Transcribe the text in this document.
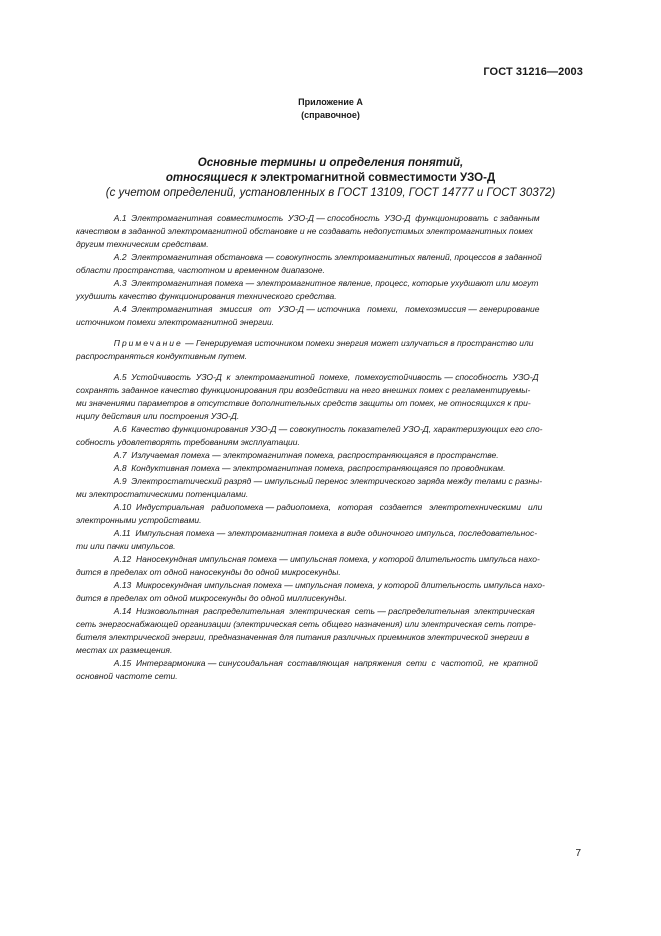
ГОСТ 31216—2003
Приложение А
(справочное)
Основные термины и определения понятий,
относящиеся к электромагнитной совместимости УЗО-Д
(с учетом определений, установленных в ГОСТ 13109, ГОСТ 14777 и ГОСТ 30372)
А.1  Электромагнитная  совместимость  УЗО-Д — способность  УЗО-Д  функционировать  с заданным
качеством в заданной электромагнитной обстановке и не создавать недопустимых электромагнитных помех
другим техническим средствам.
А.2  Электромагнитная обстановка — совокупность электромагнитных явлений, процессов в заданной
области пространства, частотном и временном диапазоне.
А.3  Электромагнитная помеха — электромагнитное явление, процесс, которые ухудшают или могут
ухудшить качество функционирования технического средства.
А.4  Электромагнитная   эмиссия   от   УЗО-Д — источника   помехи,   помехоэмиссия — генерирование
источником помехи электромагнитной энергии.
Примечание — Генерируемая источником помехи энергия может излучаться в пространство или
распространяться кондуктивным путем.
А.5  Устойчивость  УЗО-Д  к  электромагнитной  помехе,  помехоустойчивость — способность  УЗО-Д
сохранять заданное качество функционирования при воздействии на него внешних помех с регламентируемы-
ми значениями параметров в отсутствие дополнительных средств защиты от помех, не относящихся к при-
нципу действия или построения УЗО-Д.
А.6  Качество функционирования УЗО-Д — совокупность показателей УЗО-Д, характеризующих его спо-
собность удовлетворять требованиям эксплуатации.
А.7  Излучаемая помеха — электромагнитная помеха, распространяющаяся в пространстве.
А.8  Кондуктивная помеха — электромагнитная помеха, распространяющаяся по проводникам.
А.9  Электростатический разряд — импульсный перенос электрического заряда между телами с разны-
ми электростатическими потенциалами.
А.10  Индустриальная   радиопомеха — радиопомеха,   которая   создается   электротехническими   или
электронными устройствами.
А.11  Импульсная помеха — электромагнитная помеха в виде одиночного импульса, последовательнос-
ти или пачки импульсов.
А.12  Наносекундная импульсная помеха — импульсная помеха, у которой длительность импульса нахо-
дится в пределах от одной наносекунды до одной микросекунды.
А.13  Микросекундная импульсная помеха — импульсная помеха, у которой длительность импульса нахо-
дится в пределах от одной микросекунды до одной миллисекунды.
А.14  Низковольтная  распределительная  электрическая  сеть — распределительная  электрическая
сеть энергоснабжающей организации (электрическая сеть общего назначения) или электрическая сеть потре-
бителя электрической энергии, предназначенная для питания различных приемников электрической энергии в
местах их размещения.
А.15  Интергармоника — синусоидальная  составляющая  напряжения  сети  с  частотой,  не  кратной
основной частоте сети.
7
